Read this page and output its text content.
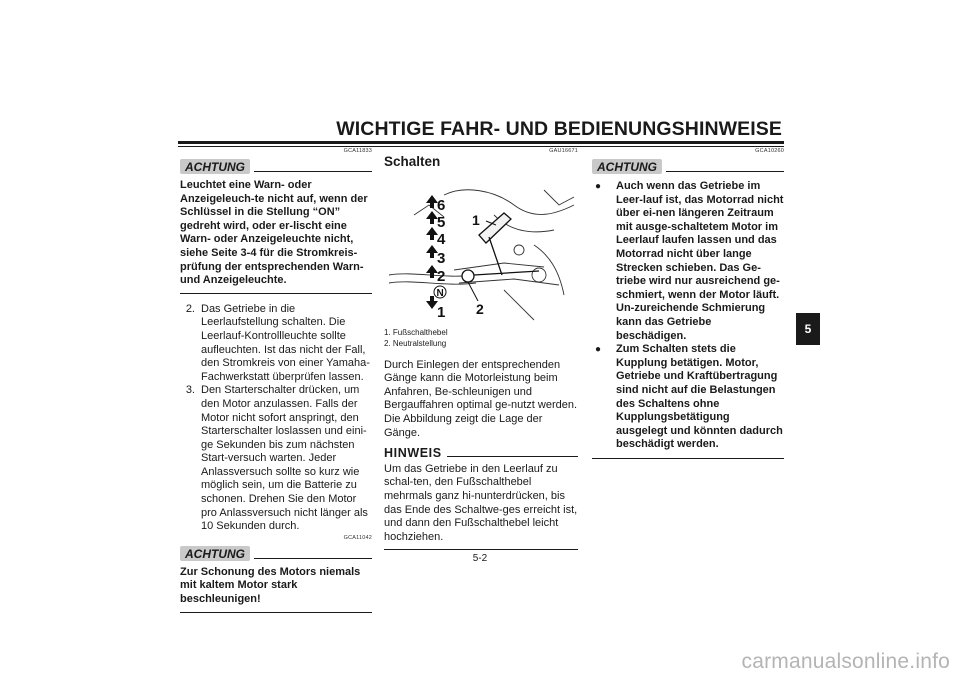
WICHTIGE FAHR- UND BEDIENUNGSHINWEISE
GCA11833
ACHTUNG
Leuchtet eine Warn- oder Anzeigeleuch-te nicht auf, wenn der Schlüssel in die Stellung “ON” gedreht wird, oder er-lischt eine Warn- oder Anzeigeleuchte nicht, siehe Seite 3-4 für die Stromkreis-prüfung der entsprechenden Warn- und Anzeigeleuchte.
2. Das Getriebe in die Leerlaufstellung schalten. Die Leerlauf-Kontrollleuchte sollte aufleuchten. Ist das nicht der Fall, den Stromkreis von einer Yamaha-Fachwerkstatt überprüfen lassen.
3. Den Starterschalter drücken, um den Motor anzulassen. Falls der Motor nicht sofort anspringt, den Starterschalter loslassen und eini-ge Sekunden bis zum nächsten Start-versuch warten. Jeder Anlassversuch sollte so kurz wie möglich sein, um die Batterie zu schonen. Drehen Sie den Motor pro Anlassversuch nicht länger als 10 Sekunden durch.
GCA11042
ACHTUNG
Zur Schonung des Motors niemals mit kaltem Motor stark beschleunigen!
GAU16671
Schalten
6
5
4
3
2
1
1
2
N
1. Fußschalthebel
2. Neutralstellung
Durch Einlegen der entsprechenden Gänge kann die Motorleistung beim Anfahren, Be-schleunigen und Bergauffahren optimal ge-nutzt werden. Die Abbildung zeigt die Lage der Gänge.
HINWEIS
Um das Getriebe in den Leerlauf zu schal-ten, den Fußschalthebel mehrmals ganz hi-nunterdrücken, bis das Ende des Schaltwe-ges erreicht ist, und dann den Fußschalthebel leicht hochziehen.
GCA10260
ACHTUNG
●	Auch wenn das Getriebe im Leer-lauf ist, das Motorrad nicht über ei-nen längeren Zeitraum mit ausge-schaltetem Motor im Leerlauf laufen lassen und das Motorrad nicht über lange Strecken schieben. Das Ge-triebe wird nur ausreichend ge-schmiert, wenn der Motor läuft. Un-zureichende Schmierung kann das Getriebe beschädigen.
●	Zum Schalten stets die Kupplung betätigen. Motor, Getriebe und Kraftübertragung sind nicht auf die Belastungen des Schaltens ohne Kupplungsbetätigung ausgelegt und könnten dadurch beschädigt werden.
5-2
5
carmanualsonline.info
